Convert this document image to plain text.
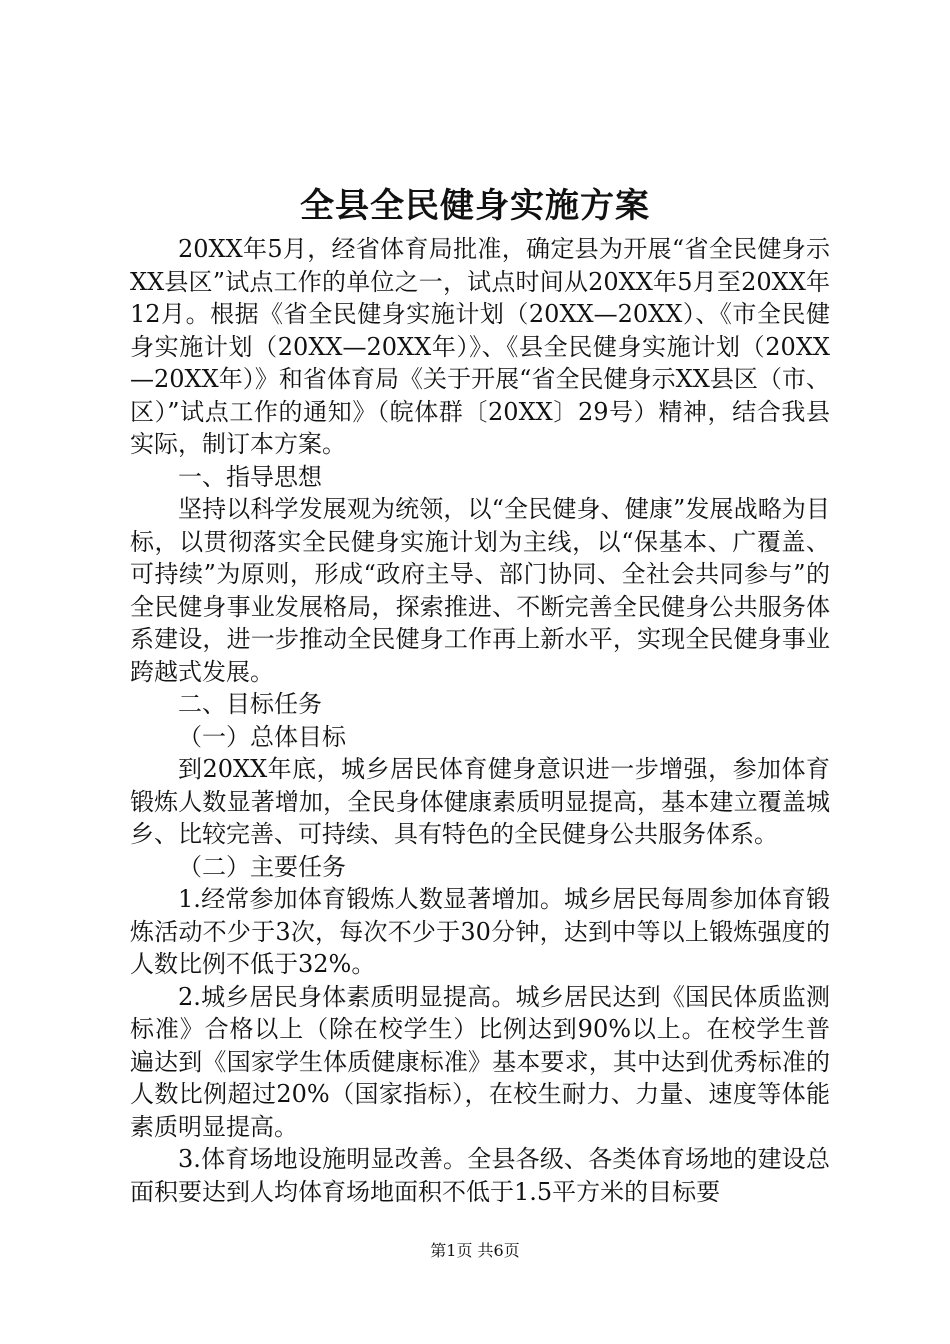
全县全民健身实施方案

20XX年5月，经省体育局批准，确定县为开展“省全民健身示XX县区”试点工作的单位之一，试点时间从20XX年5月至20XX年12月。根据《省全民健身实施计划（20XX—20XX）、《市全民健身实施计划（20XX—20XX年）》、《县全民健身实施计划（20XX—20XX年）》和省体育局《关于开展“省全民健身示XX县区（市、区）”试点工作的通知》（皖体群〔20XX〕29号）精神，结合我县实际，制订本方案。

一、指导思想

坚持以科学发展观为统领，以“全民健身、健康”发展战略为目标，以贯彻落实全民健身实施计划为主线，以“保基本、广覆盖、可持续”为原则，形成“政府主导、部门协同、全社会共同参与”的全民健身事业发展格局，探索推进、不断完善全民健身公共服务体系建设，进一步推动全民健身工作再上新水平，实现全民健身事业跨越式发展。

二、目标任务

（一）总体目标

到20XX年底，城乡居民体育健身意识进一步增强，参加体育锻炼人数显著增加，全民身体健康素质明显提高，基本建立覆盖城乡、比较完善、可持续、具有特色的全民健身公共服务体系。

（二）主要任务

1.经常参加体育锻炼人数显著增加。城乡居民每周参加体育锻炼活动不少于3次，每次不少于30分钟，达到中等以上锻炼强度的人数比例不低于32%。

2.城乡居民身体素质明显提高。城乡居民达到《国民体质监测标准》合格以上（除在校学生）比例达到90%以上。在校学生普遍达到《国家学生体质健康标准》基本要求，其中达到优秀标准的人数比例超过20%（国家指标），在校生耐力、力量、速度等体能素质明显提高。

3.体育场地设施明显改善。全县各级、各类体育场地的建设总面积要达到人均体育场地面积不低于1.5平方米的目标要

第1页 共6页
